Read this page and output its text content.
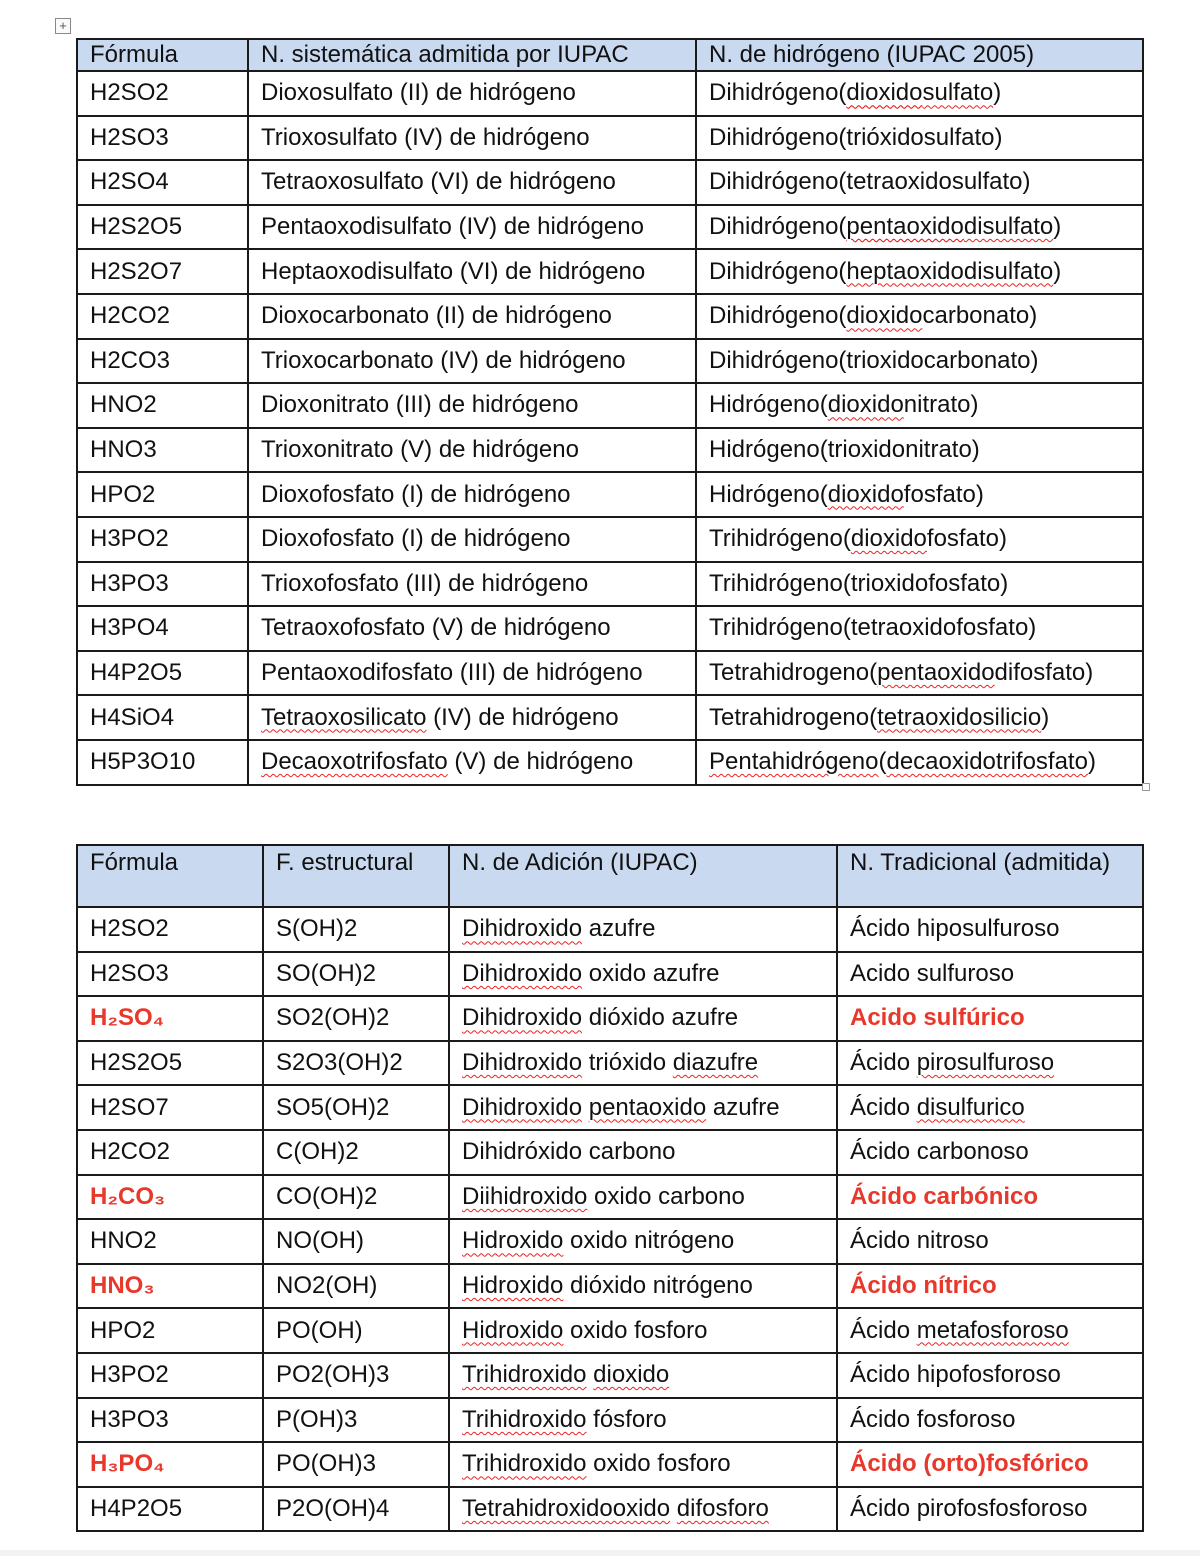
+
Fórmula	N. sistemática admitida por IUPAC	N. de hidrógeno (IUPAC 2005)
H2SO2	Dioxosulfato (II) de hidrógeno	Dihidrógeno(dioxidosulfato)
H2SO3	Trioxosulfato (IV) de hidrógeno	Dihidrógeno(trióxidosulfato)
H2SO4	Tetraoxosulfato (VI) de hidrógeno	Dihidrógeno(tetraoxidosulfato)
H2S2O5	Pentaoxodisulfato (IV) de hidrógeno	Dihidrógeno(pentaoxidodisulfato)
H2S2O7	Heptaoxodisulfato (VI) de hidrógeno	Dihidrógeno(heptaoxidodisulfato)
H2CO2	Dioxocarbonato (II) de hidrógeno	Dihidrógeno(dioxidocarbonato)
H2CO3	Trioxocarbonato (IV) de hidrógeno	Dihidrógeno(trioxidocarbonato)
HNO2	Dioxonitrato (III) de hidrógeno	Hidrógeno(dioxidonitrato)
HNO3	Trioxonitrato (V) de hidrógeno	Hidrógeno(trioxidonitrato)
HPO2	Dioxofosfato (I) de hidrógeno	Hidrógeno(dioxidofosfato)
H3PO2	Dioxofosfato (I) de hidrógeno	Trihidrógeno(dioxidofosfato)
H3PO3	Trioxofosfato (III) de hidrógeno	Trihidrógeno(trioxidofosfato)
H3PO4	Tetraoxofosfato (V) de hidrógeno	Trihidrógeno(tetraoxidofosfato)
H4P2O5	Pentaoxodifosfato (III) de hidrógeno	Tetrahidrogeno(pentaoxidodifosfato)
H4SiO4	Tetraoxosilicato (IV) de hidrógeno	Tetrahidrogeno(tetraoxidosilicio)
H5P3O10	Decaoxotrifosfato (V) de hidrógeno	Pentahidrógeno(decaoxidotrifosfato)
Fórmula	F. estructural	N. de Adición (IUPAC)	N. Tradicional (admitida)
H2SO2	S(OH)2	Dihidroxido azufre	Ácido hiposulfuroso
H2SO3	SO(OH)2	Dihidroxido oxido azufre	Acido sulfuroso
H₂SO₄	SO2(OH)2	Dihidroxido dióxido azufre	Acido sulfúrico
H2S2O5	S2O3(OH)2	Dihidroxido trióxido diazufre	Ácido pirosulfuroso
H2SO7	SO5(OH)2	Dihidroxido pentaoxido azufre	Ácido disulfurico
H2CO2	C(OH)2	Dihidróxido carbono	Ácido carbonoso
H₂CO₃	CO(OH)2	Diihidroxido oxido carbono	Ácido carbónico
HNO2	NO(OH)	Hidroxido oxido nitrógeno	Ácido nitroso
HNO₃	NO2(OH)	Hidroxido dióxido nitrógeno	Ácido nítrico
HPO2	PO(OH)	Hidroxido oxido fosforo	Ácido metafosforoso
H3PO2	PO2(OH)3	Trihidroxido dioxido	Ácido hipofosforoso
H3PO3	P(OH)3	Trihidroxido fósforo	Ácido fosforoso
H₃PO₄	PO(OH)3	Trihidroxido oxido fosforo	Ácido (orto)fosfórico
H4P2O5	P2O(OH)4	Tetrahidroxidooxido difosforo	Ácido pirofosfosforoso
